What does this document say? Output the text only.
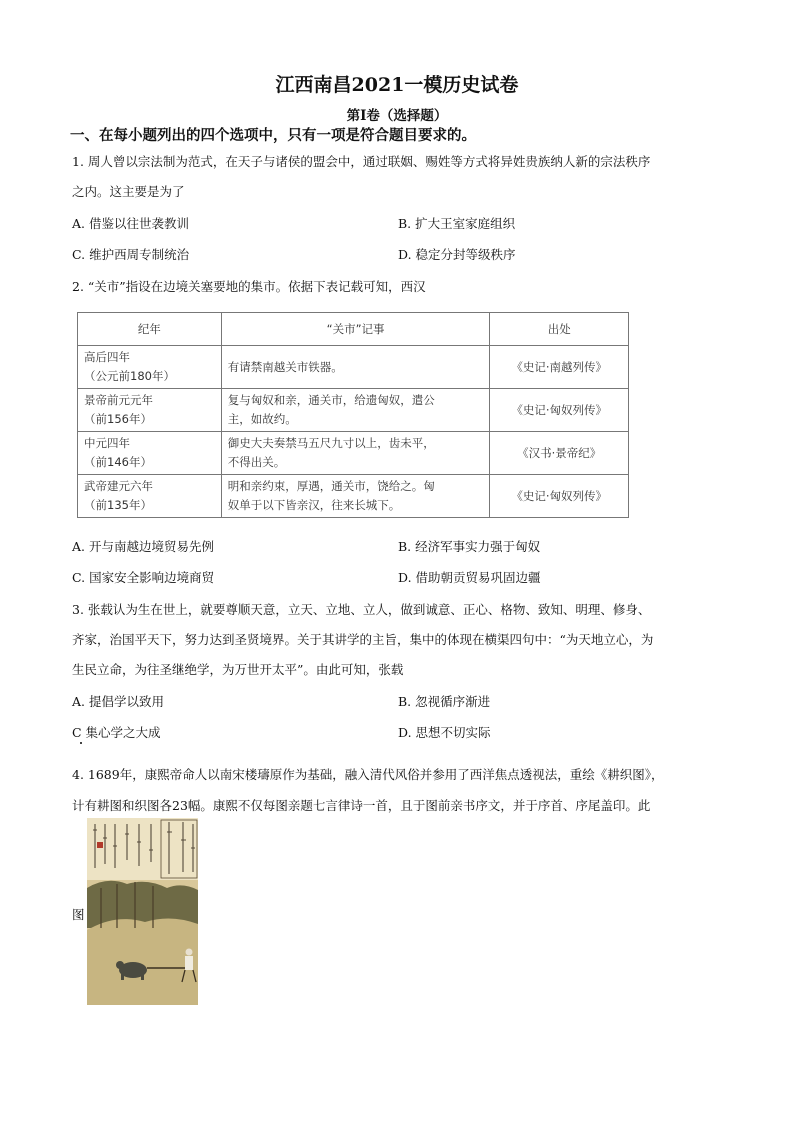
江西南昌2021一模历史试卷
第Ⅰ卷（选择题）
一、在每小题列出的四个选项中，只有一项是符合题目要求的。
1. 周人曾以宗法制为范式，在天子与诸侯的盟会中，通过联姻、赐姓等方式将异姓贵族纳人新的宗法秩序
之内。这主要是为了
A. 借鉴以往世袭教训	B. 扩大王室家庭组织
C. 维护西周专制统治	D. 稳定分封等级秩序
2. “关市”指设在边境关塞要地的集市。依据下表记载可知，西汉
纪年	“关市”记事	出处
高后四年
（公元前180年）	有请禁南越关市铁器。	《史记·南越列传》
景帝前元元年
（前156年）	复与匈奴和亲，通关市，给遗匈奴，遣公
主，如故约。	《史记·匈奴列传》
中元四年
（前146年）	御史大夫奏禁马五尺九寸以上，齿未平，
不得出关。	《汉书·景帝纪》
武帝建元六年
（前135年）	明和亲约束，厚遇，通关市，饶给之。匈
奴单于以下皆亲汉，往来长城下。	《史记·匈奴列传》
A. 开与南越边境贸易先例	B. 经济军事实力强于匈奴
C. 国家安全影响边境商贸	D. 借助朝贡贸易巩固边疆
3. 张载认为生在世上，就要尊顺天意，立天、立地、立人，做到诚意、正心、格物、致知、明理、修身、
齐家，治国平天下，努力达到圣贤境界。关于其讲学的主旨，集中的体现在横渠四句中：“为天地立心，为
生民立命，为往圣继绝学，为万世开太平”。由此可知，张载
A. 提倡学以致用	B. 忽视循序渐进
C 集心学之大成	D. 思想不切实际
4. 1689年，康熙帝命人以南宋楼璹原作为基础，融入清代风俗并参用了西洋焦点透视法，重绘《耕织图》，
计有耕图和织图各23幅。康熙不仅每图亲题七言律诗一首，且于图前亲书序文，并于序首、序尾盖印。此
图
